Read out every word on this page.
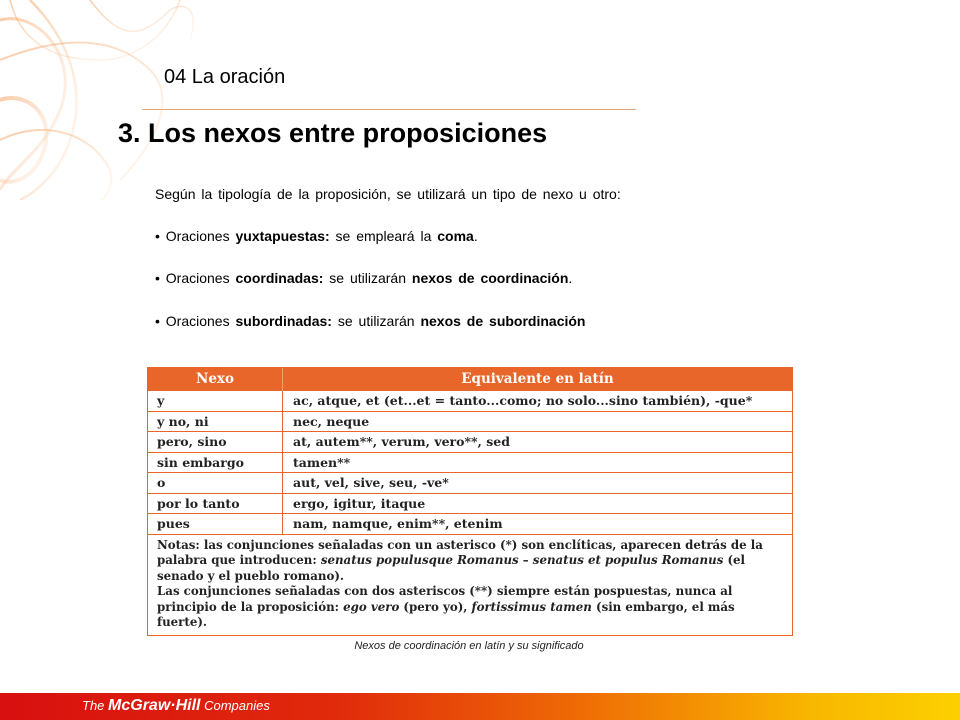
04 La oración
3. Los nexos entre proposiciones
Según la tipología de la proposición, se utilizará un tipo de nexo u otro:
• Oraciones yuxtapuestas: se empleará la coma.
• Oraciones coordinadas: se utilizarán nexos de coordinación.
• Oraciones subordinadas: se utilizarán nexos de subordinación
Nexo	Equivalente en latín
y	ac, atque, et (et...et = tanto...como; no solo...sino también), -que*
y no, ni	nec, neque
pero, sino	at, autem**, verum, vero**, sed
sin embargo	tamen**
o	aut, vel, sive, seu, -ve*
por lo tanto	ergo, igitur, itaque
pues	nam, namque, enim**, etenim
Notas: las conjunciones señaladas con un asterisco (*) son enclíticas, aparecen detrás de la palabra que introducen: senatus populusque Romanus – senatus et populus Romanus (el senado y el pueblo romano).
Las conjunciones señaladas con dos asteriscos (**) siempre están pospuestas, nunca al principio de la proposición: ego vero (pero yo), fortissimus tamen (sin embargo, el más fuerte).
Nexos de coordinación en latín y su significado
The McGraw·Hill Companies
